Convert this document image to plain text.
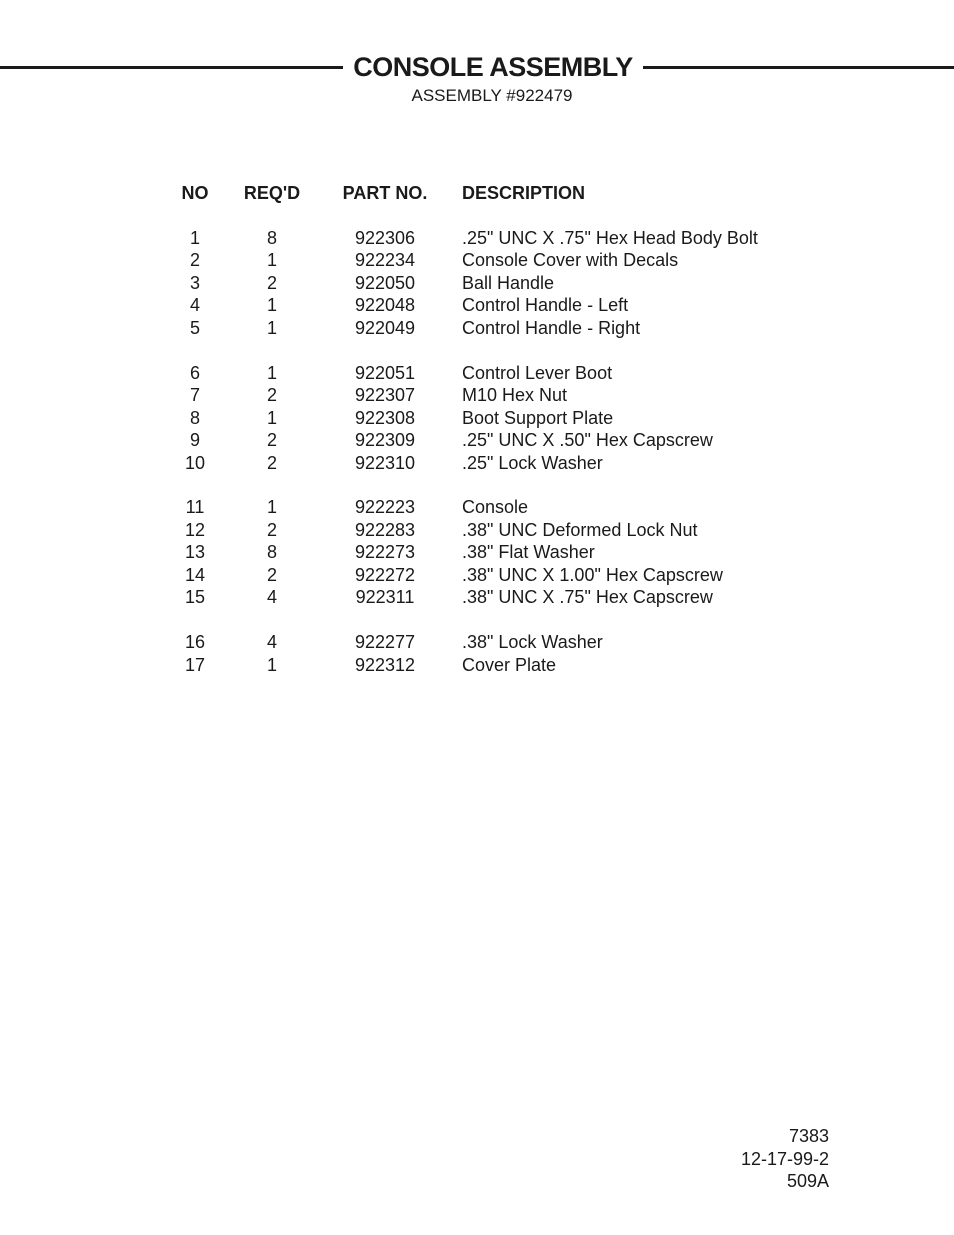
CONSOLE ASSEMBLY
ASSEMBLY #922479
NO	REQ'D	PART NO.	DESCRIPTION
1	8	922306	.25" UNC X .75" Hex Head Body Bolt
2	1	922234	Console Cover with Decals
3	2	922050	Ball Handle
4	1	922048	Control Handle - Left
5	1	922049	Control Handle - Right
6	1	922051	Control Lever Boot
7	2	922307	M10 Hex Nut
8	1	922308	Boot Support Plate
9	2	922309	.25" UNC X .50" Hex Capscrew
10	2	922310	.25" Lock Washer
11	1	922223	Console
12	2	922283	.38" UNC Deformed Lock Nut
13	8	922273	.38" Flat Washer
14	2	922272	.38" UNC X 1.00" Hex Capscrew
15	4	922311	.38" UNC X .75" Hex Capscrew
16	4	922277	.38" Lock Washer
17	1	922312	Cover Plate
7383
12-17-99-2
509A
